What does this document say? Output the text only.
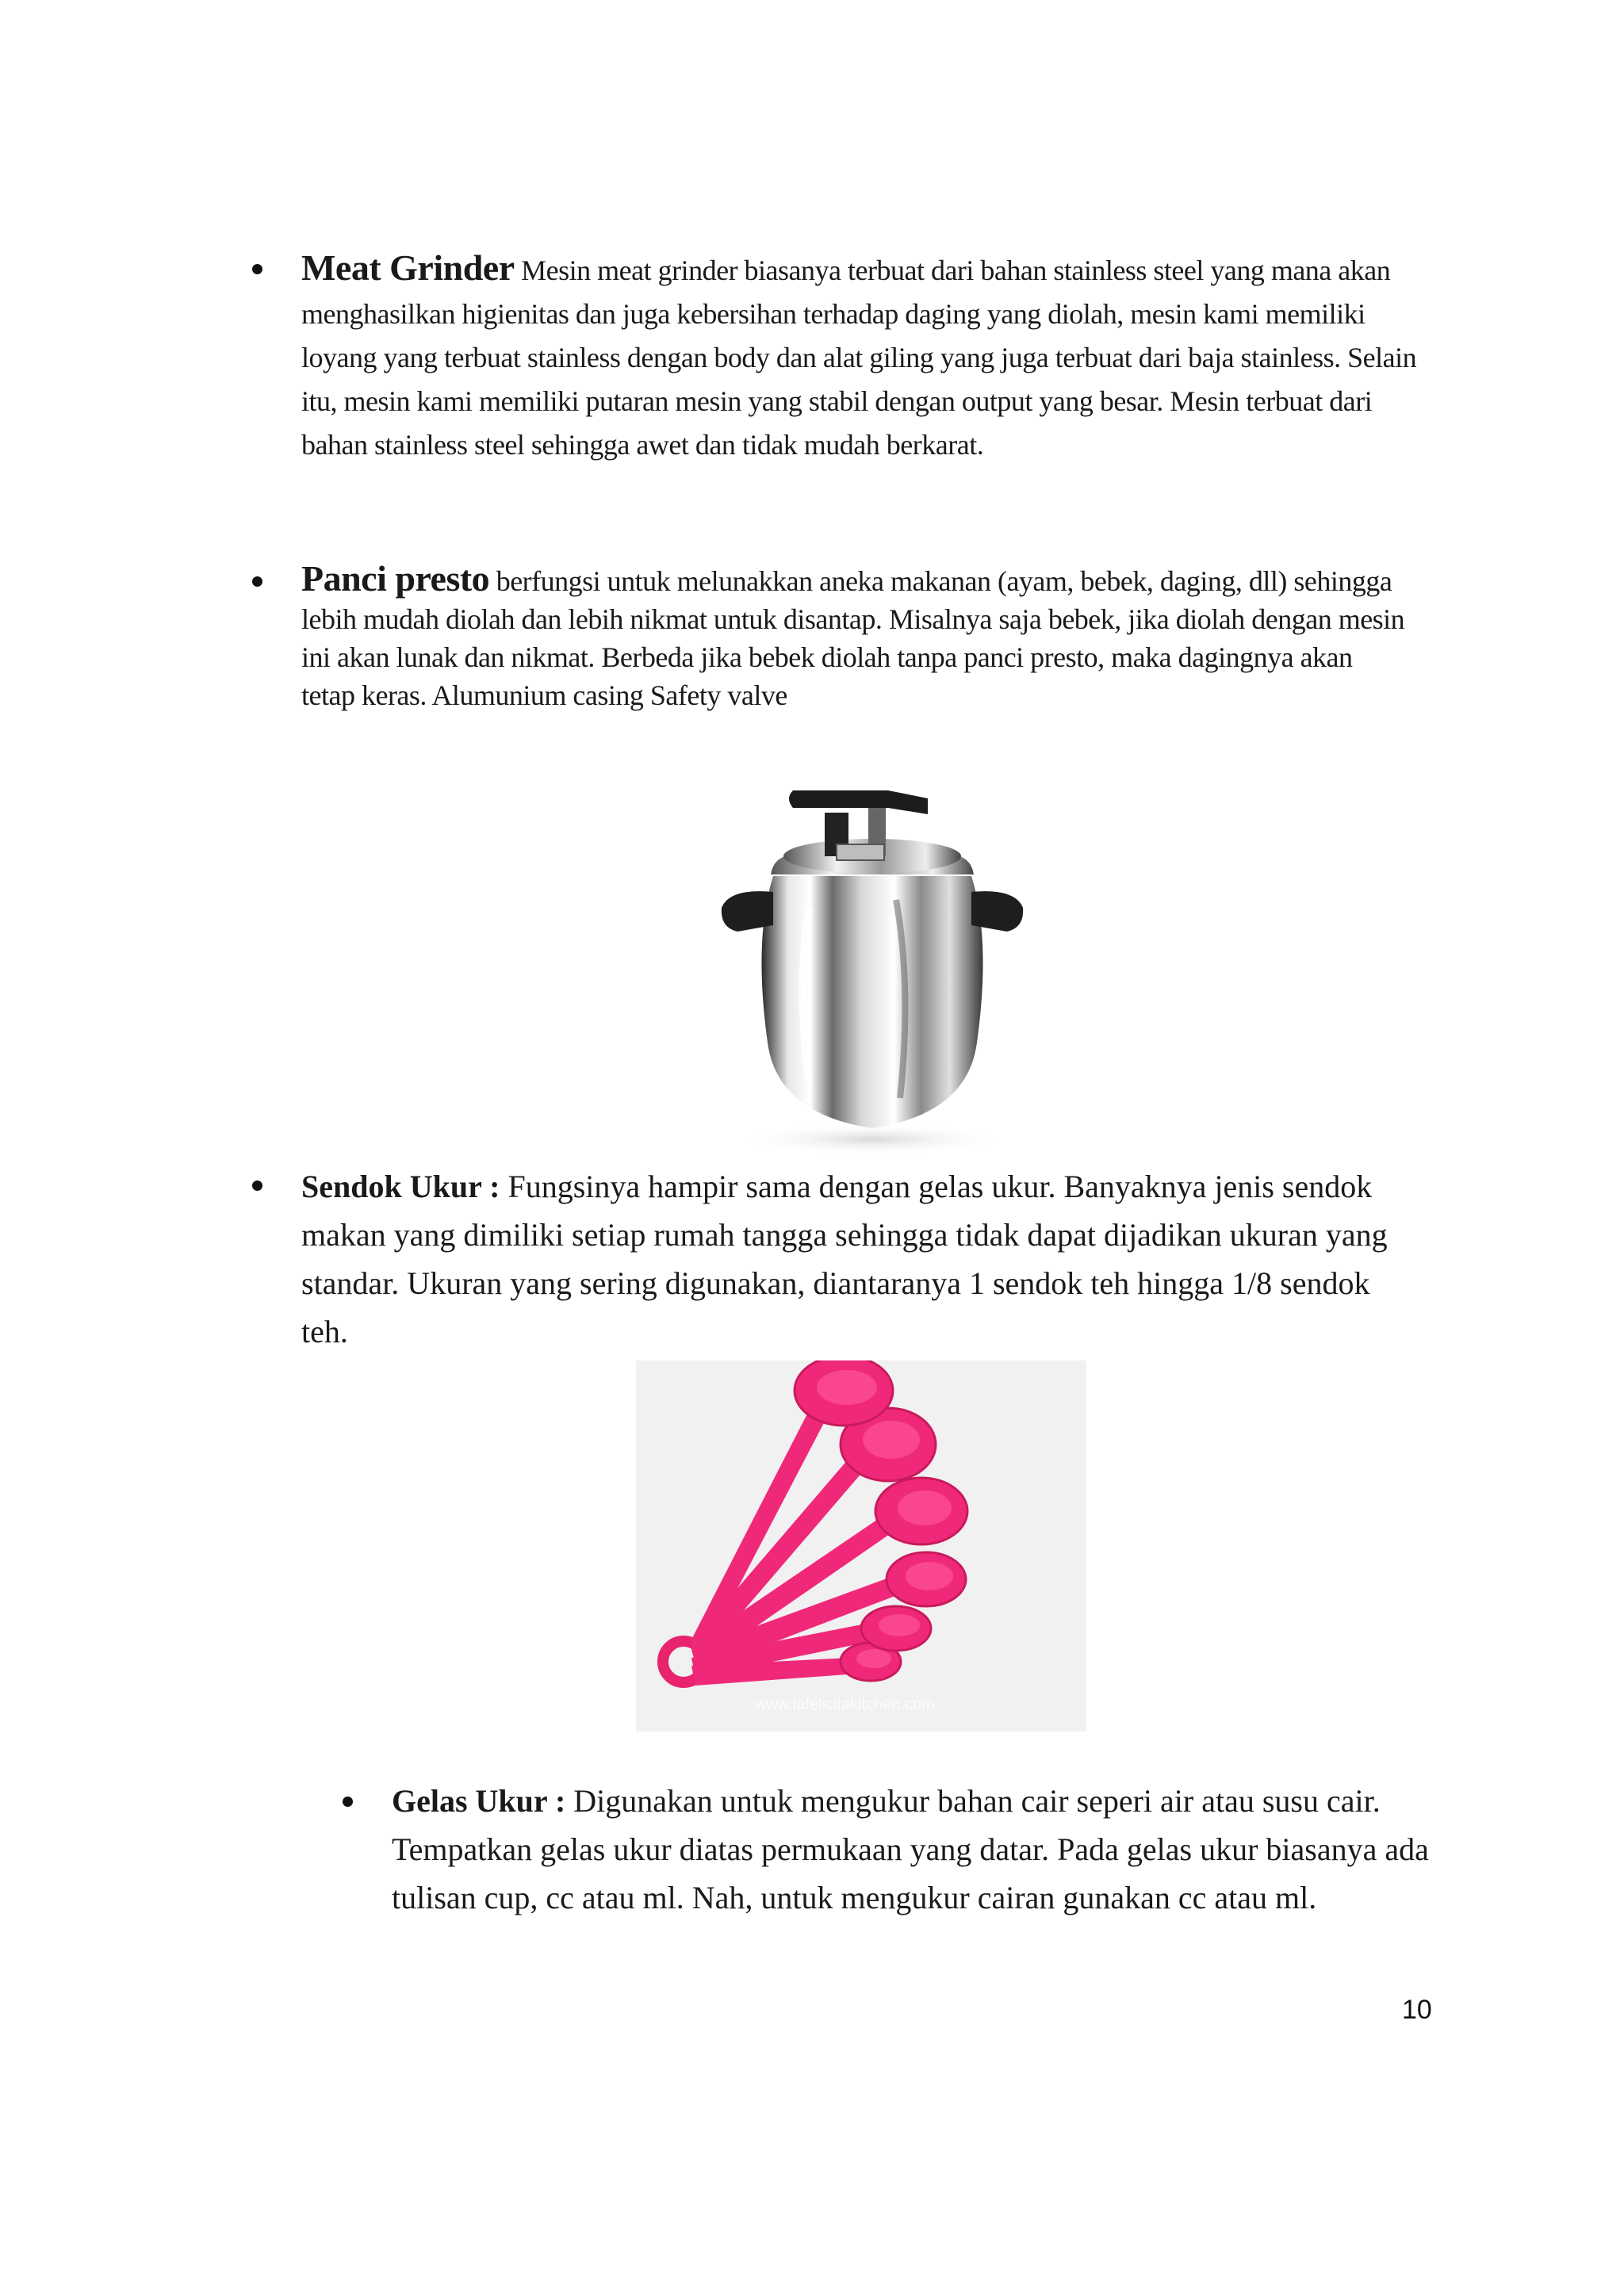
Meat Grinder Mesin meat grinder biasanya terbuat dari bahan stainless steel yang mana akan menghasilkan higienitas dan juga kebersihan terhadap daging yang diolah, mesin kami memiliki loyang yang terbuat stainless dengan body dan alat giling yang juga terbuat dari baja stainless. Selain itu, mesin kami memiliki putaran mesin yang stabil dengan output yang besar. Mesin terbuat dari bahan stainless steel sehingga awet dan tidak mudah berkarat.

Panci presto berfungsi untuk melunakkan aneka makanan (ayam, bebek, daging, dll) sehingga lebih mudah diolah dan lebih nikmat untuk disantap. Misalnya saja bebek, jika diolah dengan mesin ini akan lunak dan nikmat. Berbeda jika bebek diolah tanpa panci presto, maka dagingnya akan tetap keras. Alumunium casing Safety valve

Sendok Ukur : Fungsinya hampir sama dengan gelas ukur. Banyaknya jenis sendok makan yang dimiliki setiap rumah tangga sehingga tidak dapat dijadikan ukuran yang standar. Ukuran yang sering digunakan, diantaranya 1 sendok teh hingga 1/8 sendok teh.

www.lafelicitakitchen.com

Gelas Ukur : Digunakan untuk mengukur bahan cair seperi air atau susu cair. Tempatkan gelas ukur diatas permukaan yang datar. Pada gelas ukur biasanya ada tulisan cup, cc atau ml. Nah, untuk mengukur cairan gunakan cc atau ml.

10
